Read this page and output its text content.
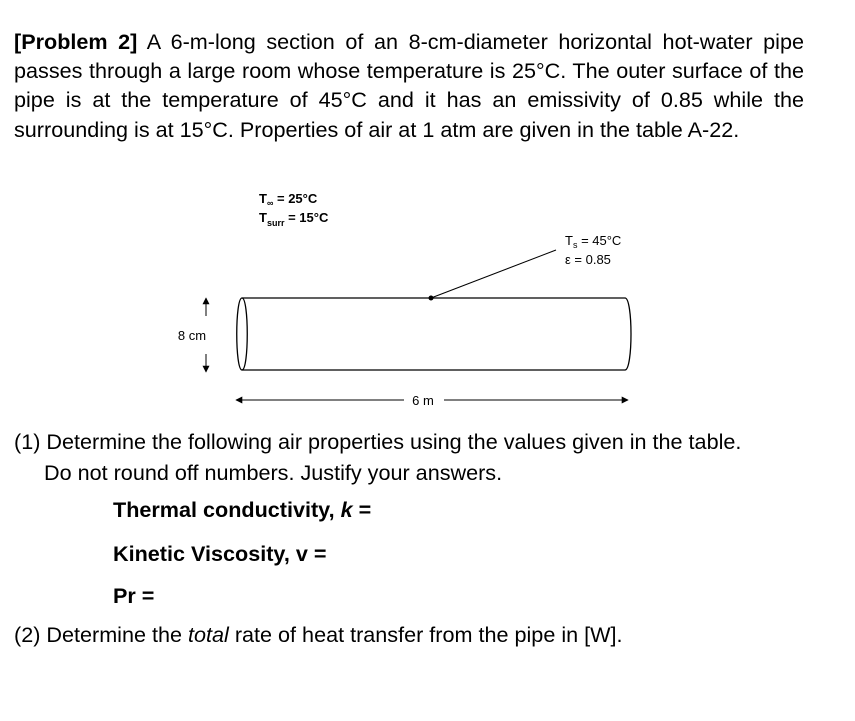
[Problem 2] A 6-m-long section of an 8-cm-diameter horizontal hot-water pipe passes through a large room whose temperature is 25°C. The outer surface of the pipe is at the temperature of 45°C and it has an emissivity of 0.85 while the surrounding is at 15°C. Properties of air at 1 atm are given in the table A-22.
$T_\infty = 25^\circ C$
$T_{surr} = 15^\circ C$
$T_s = 45^\circ C$
ε = 0.85
8 cm
6 m
(1) Determine the following air properties using the values given in the table.
Do not round off numbers. Justify your answers.
Thermal conductivity, k =
Kinetic Viscosity, v =
Pr =
(2) Determine the total rate of heat transfer from the pipe in [W].
